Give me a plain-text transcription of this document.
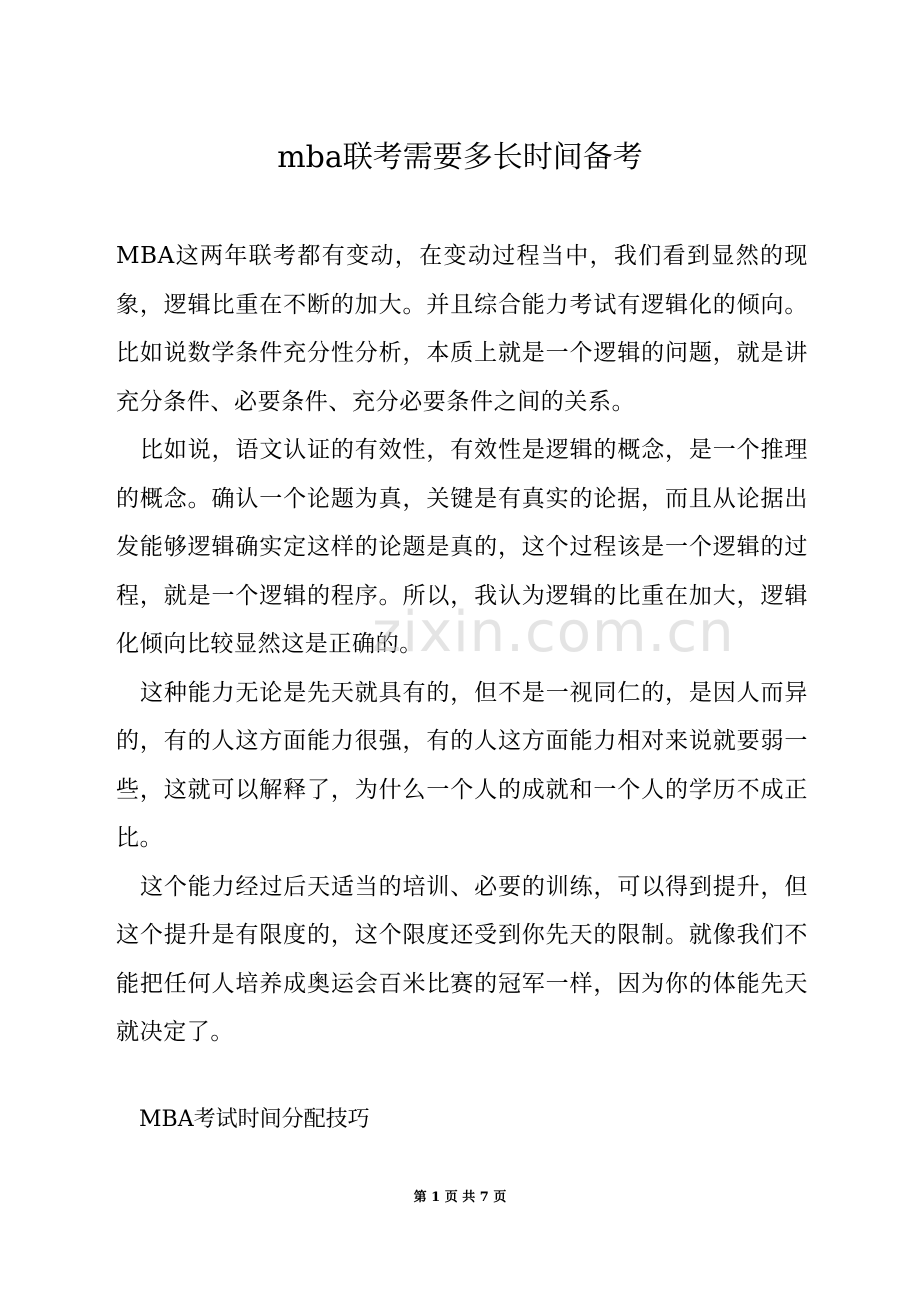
mba联考需要多长时间备考

MBA这两年联考都有变动，在变动过程当中，我们看到显然的现象，逻辑比重在不断的加大。并且综合能力考试有逻辑化的倾向。比如说数学条件充分性分析，本质上就是一个逻辑的问题，就是讲充分条件、必要条件、充分必要条件之间的关系。

比如说，语文认证的有效性，有效性是逻辑的概念，是一个推理的概念。确认一个论题为真，关键是有真实的论据，而且从论据出发能够逻辑确实定这样的论题是真的，这个过程该是一个逻辑的过程，就是一个逻辑的程序。所以，我认为逻辑的比重在加大，逻辑化倾向比较显然这是正确的。

这种能力无论是先天就具有的，但不是一视同仁的，是因人而异的，有的人这方面能力很强，有的人这方面能力相对来说就要弱一些，这就可以解释了，为什么一个人的成就和一个人的学历不成正比。

这个能力经过后天适当的培训、必要的训练，可以得到提升，但这个提升是有限度的，这个限度还受到你先天的限制。就像我们不能把任何人培养成奥运会百米比赛的冠军一样，因为你的体能先天就决定了。

MBA考试时间分配技巧

zixin.com.cn

第 1 页 共 7 页
